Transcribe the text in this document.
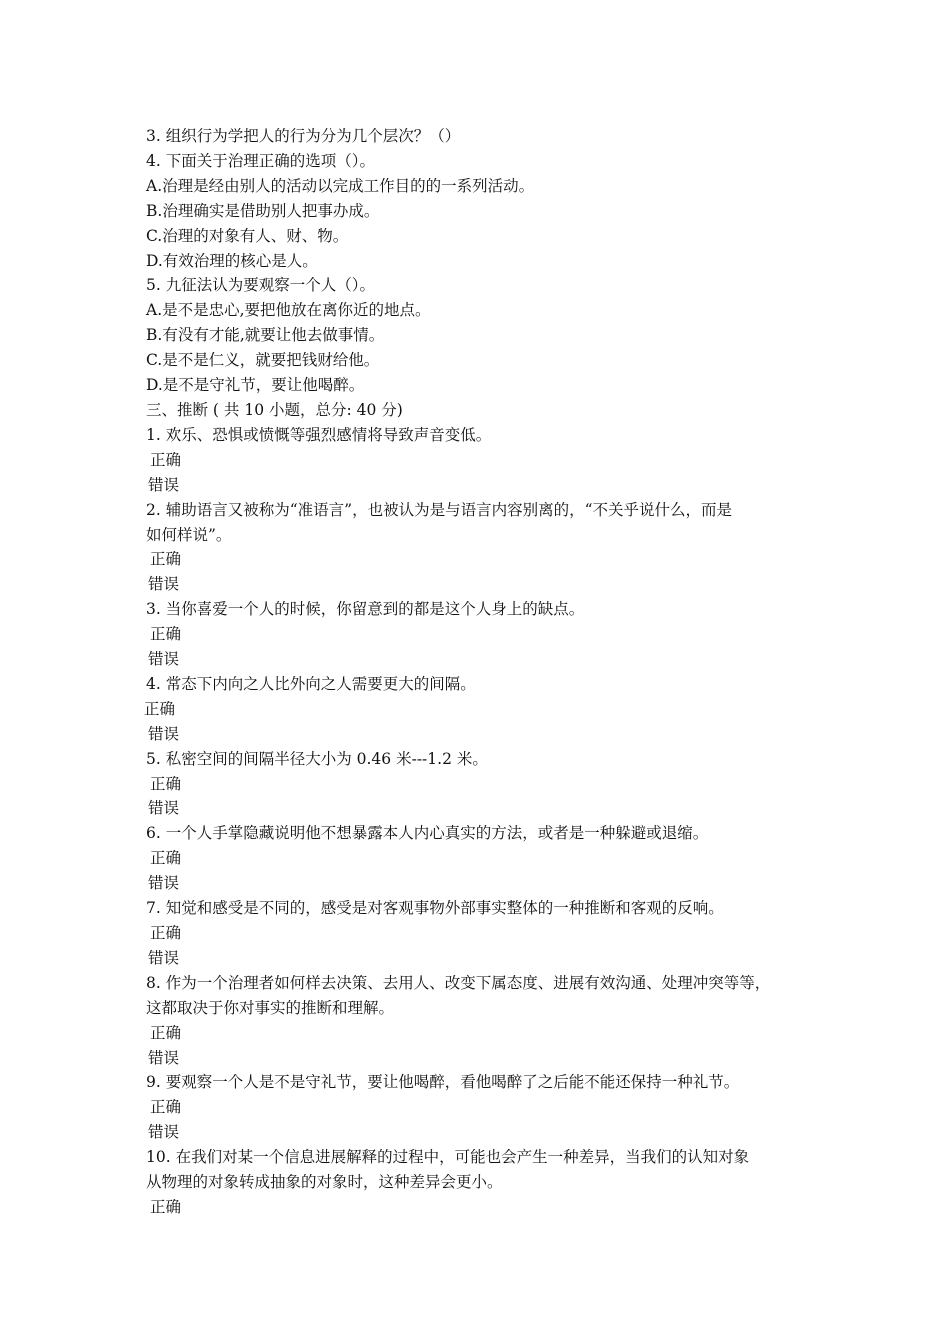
3. 组织行为学把人的行为分为几个层次？（）
4. 下面关于治理正确的选项（）。
A.治理是经由别人的活动以完成工作目的的一系列活动。
B.治理确实是借助别人把事办成。
C.治理的对象有人、财、物。
D.有效治理的核心是人。
5. 九征法认为要观察一个人（）。
A.是不是忠心,要把他放在离你近的地点。
B.有没有才能,就要让他去做事情。
C.是不是仁义，就要把钱财给他。
D.是不是守礼节，要让他喝醉。
三、推断 ( 共 10 小题，总分: 40 分)
1. 欢乐、恐惧或愤慨等强烈感情将导致声音变低。
正确
错误
2. 辅助语言又被称为“准语言”，也被认为是与语言内容别离的，“不关乎说什么，而是
如何样说”。
正确
错误
3. 当你喜爱一个人的时候，你留意到的都是这个人身上的缺点。
正确
错误
4. 常态下内向之人比外向之人需要更大的间隔。
正确
错误
5. 私密空间的间隔半径大小为 0.46 米---1.2 米。
正确
错误
6. 一个人手掌隐藏说明他不想暴露本人内心真实的方法，或者是一种躲避或退缩。
正确
错误
7. 知觉和感受是不同的，感受是对客观事物外部事实整体的一种推断和客观的反响。
正确
错误
8. 作为一个治理者如何样去决策、去用人、改变下属态度、进展有效沟通、处理冲突等等，
这都取决于你对事实的推断和理解。
正确
错误
9. 要观察一个人是不是守礼节，要让他喝醉，看他喝醉了之后能不能还保持一种礼节。
正确
错误
10. 在我们对某一个信息进展解释的过程中，可能也会产生一种差异，当我们的认知对象
从物理的对象转成抽象的对象时，这种差异会更小。
正确
